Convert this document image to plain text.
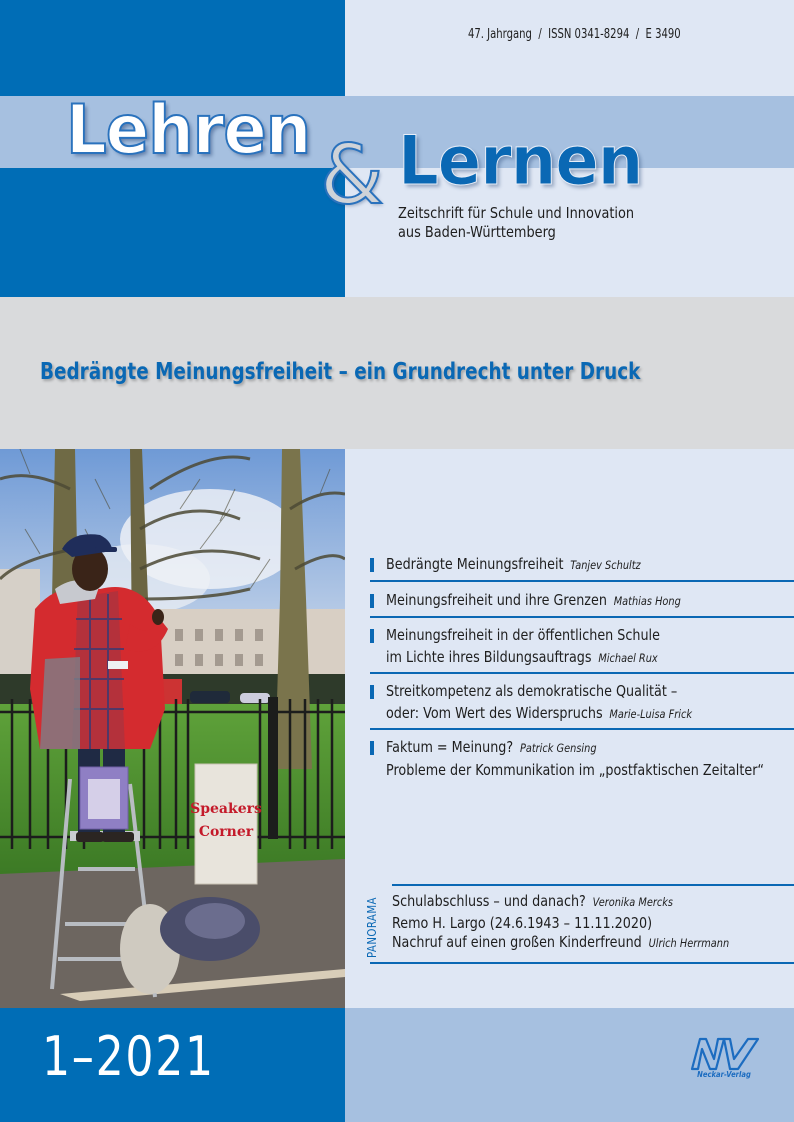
47. Jahrgang  /  ISSN 0341-8294  /  E 3490
Lehren & Lernen
Zeitschrift für Schule und Innovation
aus Baden-Württemberg
Bedrängte Meinungsfreiheit – ein Grundrecht unter Druck
Speakers
Corner
Bedrängte Meinungsfreiheit Tanjev Schultz
Meinungsfreiheit und ihre Grenzen Mathias Hong
Meinungsfreiheit in der öffentlichen Schule
im Lichte ihres Bildungsauftrags Michael Rux
Streitkompetenz als demokratische Qualität –
oder: Vom Wert des Widerspruchs Marie-Luisa Frick
Faktum = Meinung? Patrick Gensing
Probleme der Kommunikation im „postfaktischen Zeitalter“
PANORAMA Schulabschluss – und danach? Veronika Mercks
Remo H. Largo (24.6.1943 – 11.11.2020)
Nachruf auf einen großen Kinderfreund Ulrich Herrmann
1–2021	Neckar-Verlag
